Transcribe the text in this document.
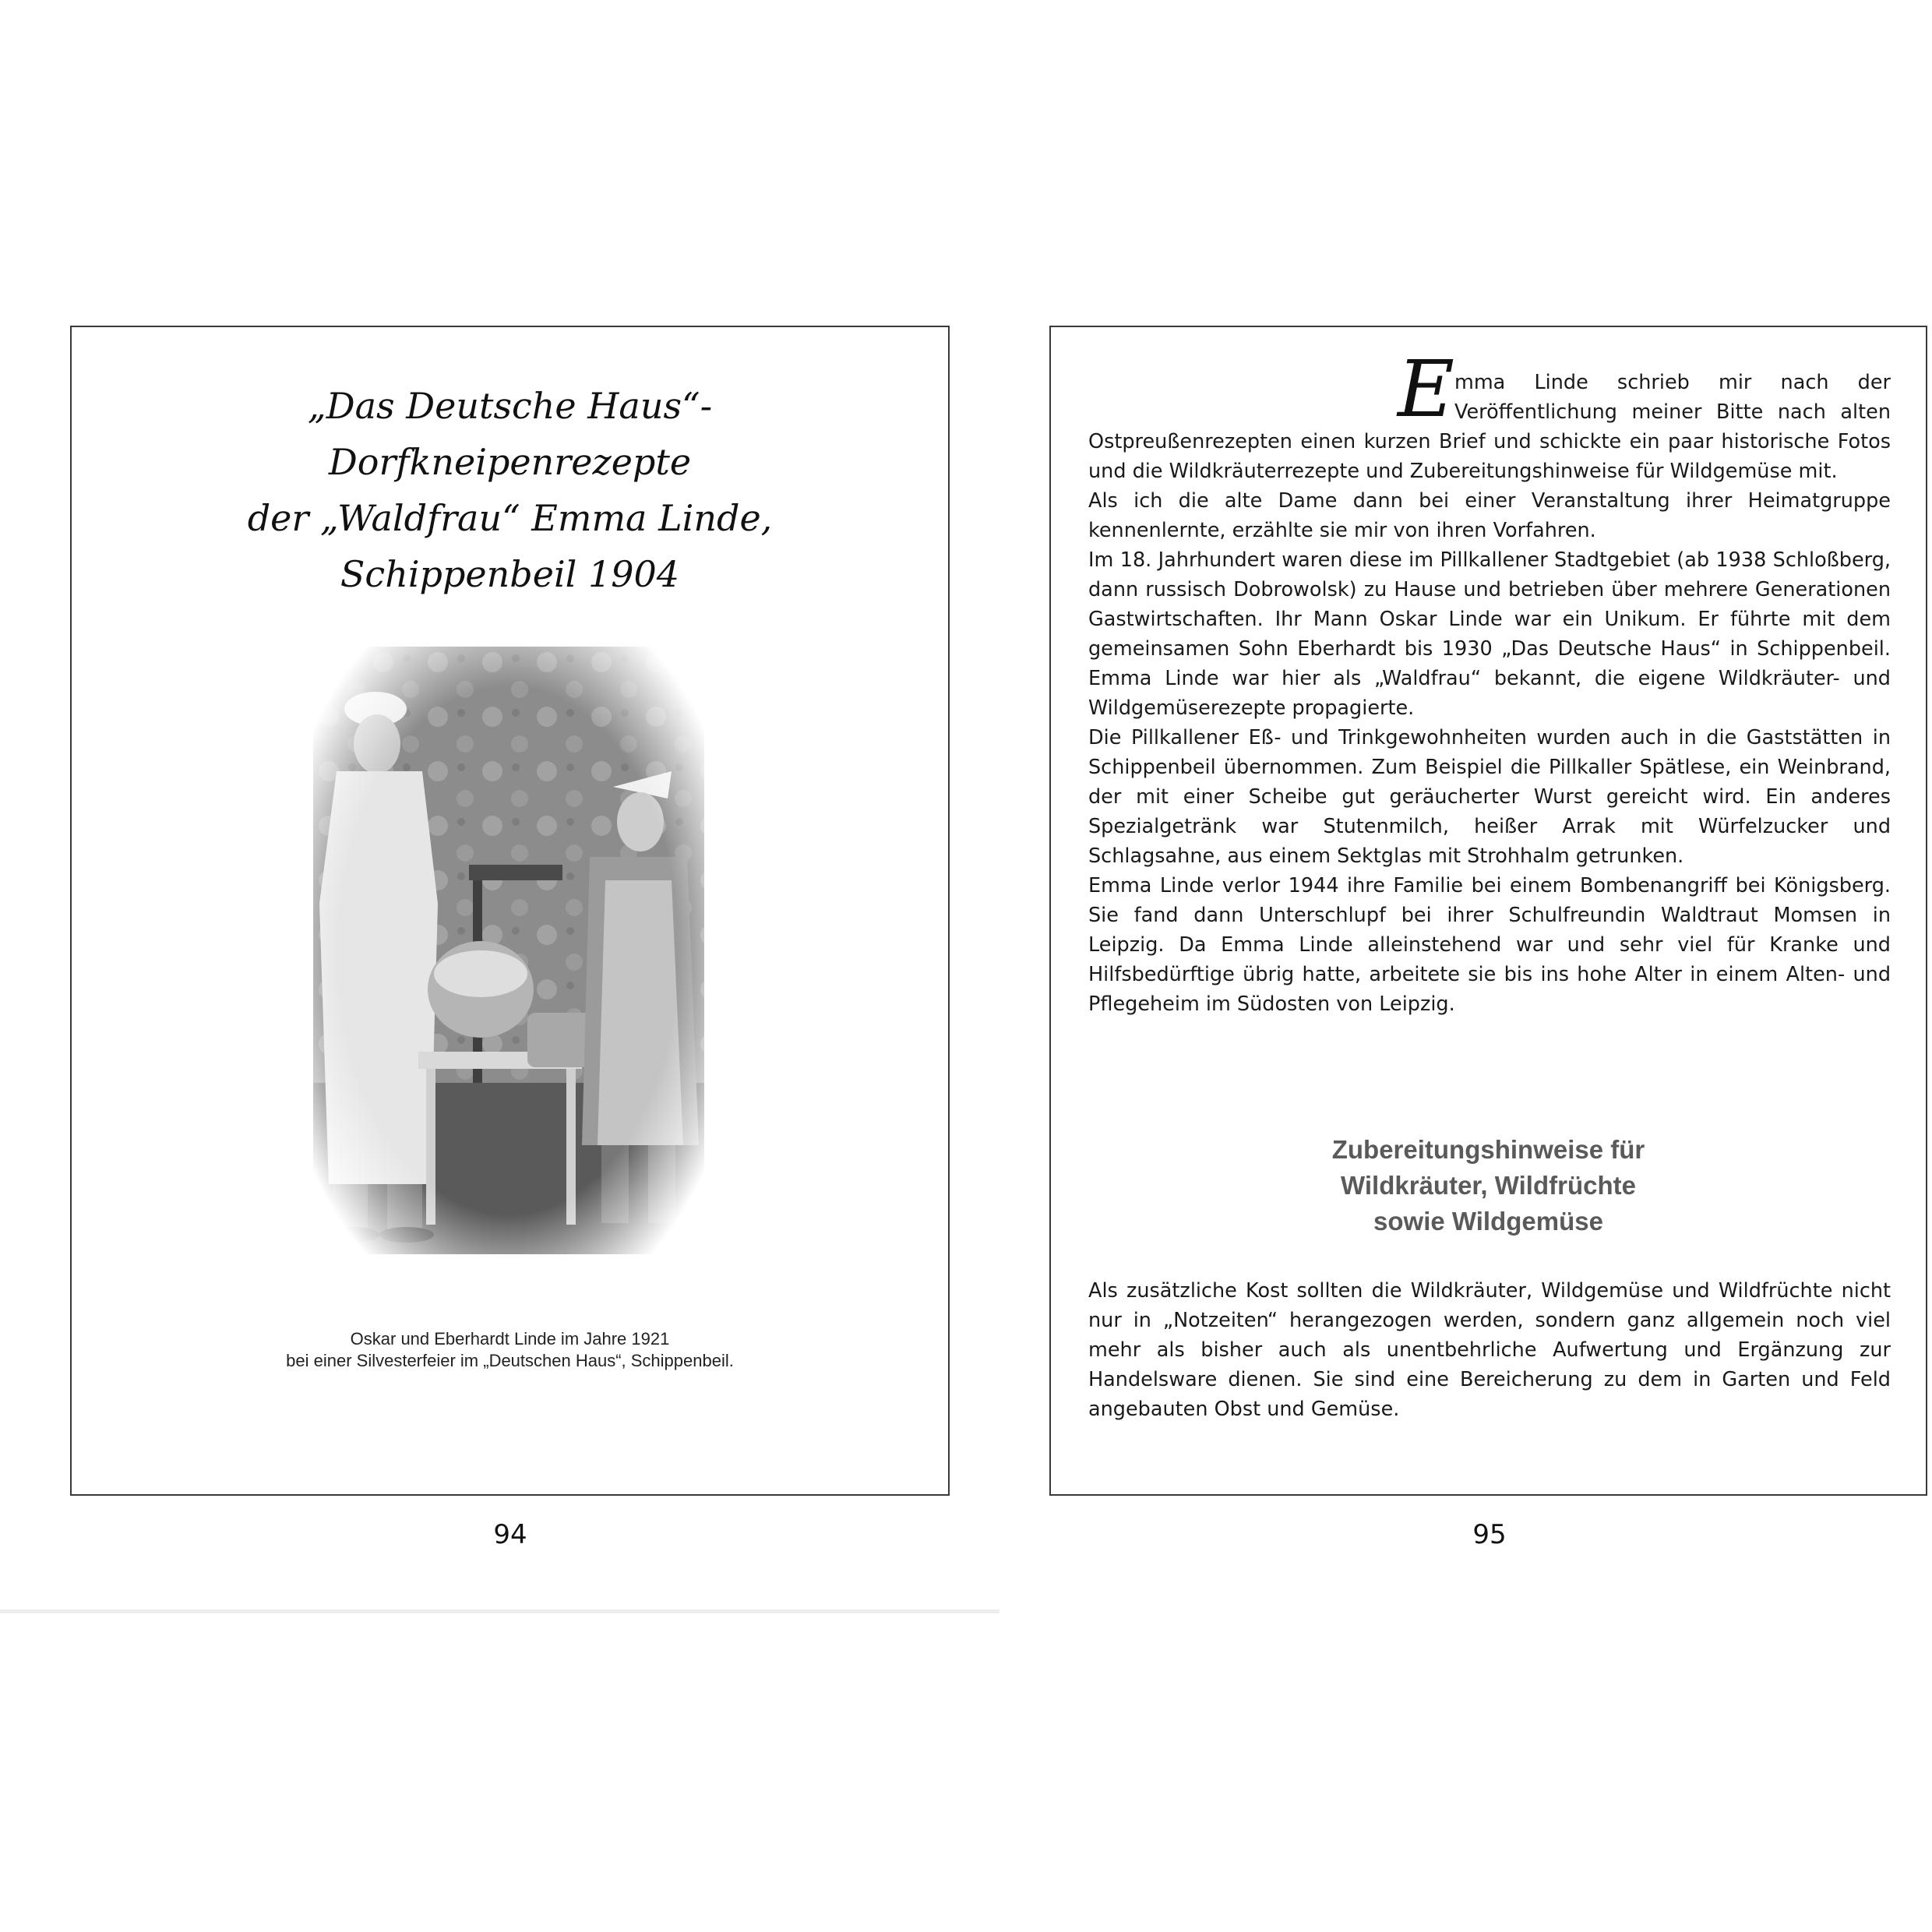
„Das Deutsche Haus“-
Dorfkneipenrezepte
der „Waldfrau“ Emma Linde,
Schippenbeil 1904
Oskar und Eberhardt Linde im Jahre 1921
bei einer Silvesterfeier im „Deutschen Haus“, Schippenbeil.
94
E mma Linde schrieb mir nach der Veröffentlichung meiner Bitte nach alten Ostpreußenrezepten einen kurzen Brief und schickte ein paar historische Fotos und die Wildkräuterrezepte und Zubereitungshinweise für Wildgemüse mit.

Als ich die alte Dame dann bei einer Veranstaltung ihrer Heimatgruppe kennenlernte, erzählte sie mir von ihren Vorfahren.

Im 18. Jahrhundert waren diese im Pillkallener Stadtgebiet (ab 1938 Schloßberg, dann russisch Dobrowolsk) zu Hause und betrieben über mehrere Generationen Gastwirtschaften. Ihr Mann Oskar Linde war ein Unikum. Er führte mit dem gemeinsamen Sohn Eberhardt bis 1930 „Das Deutsche Haus“ in Schippenbeil. Emma Linde war hier als „Waldfrau“ bekannt, die eigene Wildkräuter- und Wildgemüserezepte propagierte.

Die Pillkallener Eß- und Trinkgewohnheiten wurden auch in die Gaststätten in Schippenbeil übernommen. Zum Beispiel die Pillkaller Spätlese, ein Weinbrand, der mit einer Scheibe gut geräucherter Wurst gereicht wird. Ein anderes Spezialgetränk war Stutenmilch, heißer Arrak mit Würfelzucker und Schlagsahne, aus einem Sektglas mit Strohhalm getrunken.

Emma Linde verlor 1944 ihre Familie bei einem Bombenangriff bei Königsberg. Sie fand dann Unterschlupf bei ihrer Schulfreundin Waldtraut Momsen in Leipzig. Da Emma Linde alleinstehend war und sehr viel für Kranke und Hilfsbedürftige übrig hatte, arbeitete sie bis ins hohe Alter in einem Alten- und Pflegeheim im Südosten von Leipzig.

Zubereitungshinweise für
Wildkräuter, Wildfrüchte
sowie Wildgemüse

Als zusätzliche Kost sollten die Wildkräuter, Wildgemüse und Wildfrüchte nicht nur in „Notzeiten“ herangezogen werden, sondern ganz allgemein noch viel mehr als bisher auch als unentbehrliche Aufwertung und Ergänzung zur Handelsware dienen. Sie sind eine Bereicherung zu dem in Garten und Feld angebauten Obst und Gemüse.

95
